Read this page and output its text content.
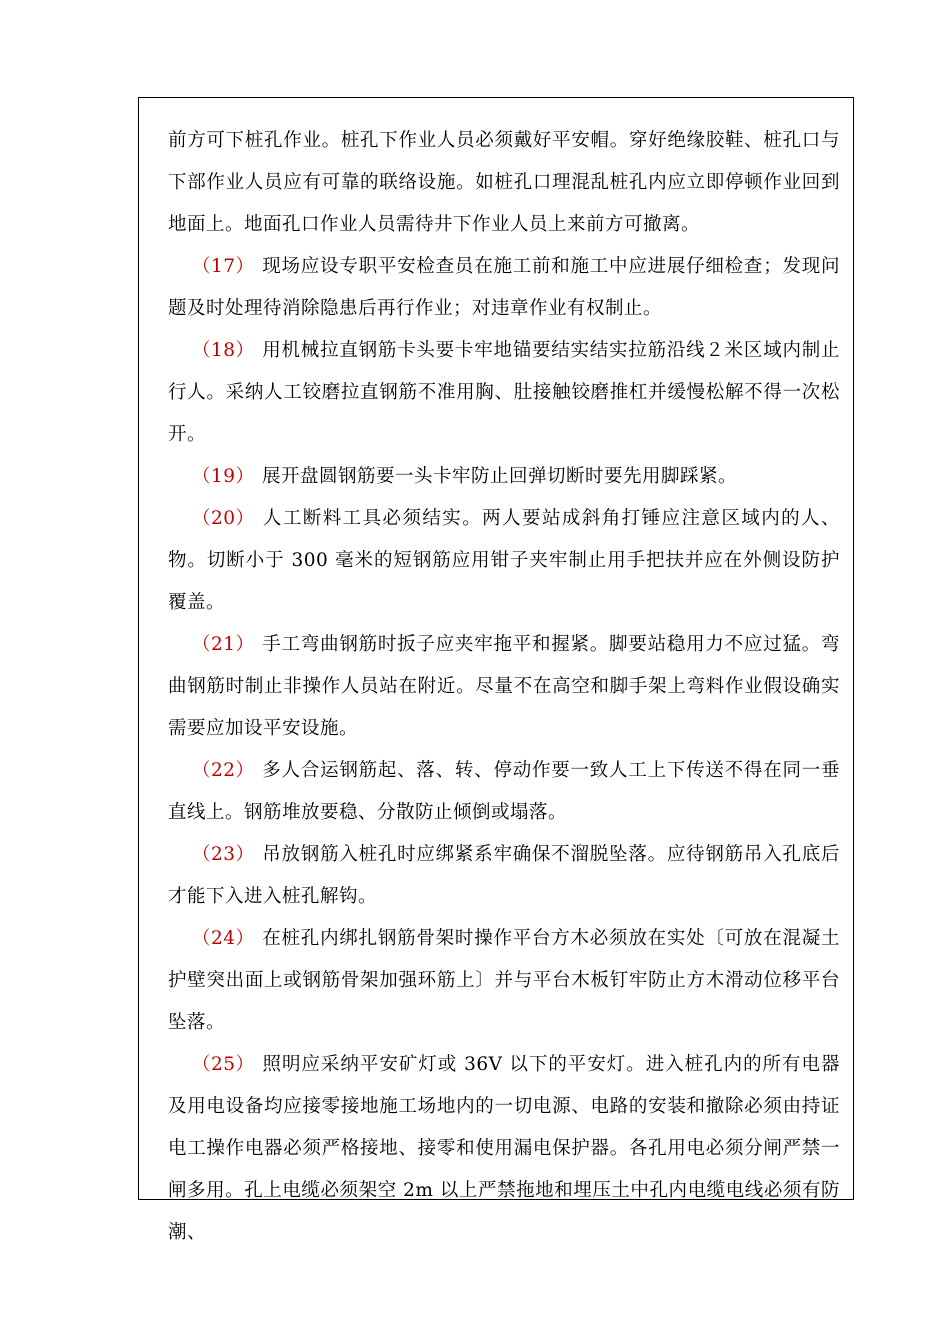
前方可下桩孔作业。桩孔下作业人员必须戴好平安帽。穿好绝缘胶鞋、桩孔口与下部作业人员应有可靠的联络设施。如桩孔口理混乱桩孔内应立即停顿作业回到地面上。地面孔口作业人员需待井下作业人员上来前方可撤离。

（17） 现场应设专职平安检查员在施工前和施工中应进展仔细检查；发现问题及时处理待消除隐患后再行作业；对违章作业有权制止。

（18） 用机械拉直钢筋卡头要卡牢地锚要结实结实拉筋沿线２米区域内制止行人。采纳人工铰磨拉直钢筋不准用胸、肚接触铰磨推杠并缓慢松解不得一次松开。

（19） 展开盘圆钢筋要一头卡牢防止回弹切断时要先用脚踩紧。

（20） 人工断料工具必须结实。两人要站成斜角打锤应注意区域内的人、物。切断小于 300 毫米的短钢筋应用钳子夹牢制止用手把扶并应在外侧设防护覆盖。

（21） 手工弯曲钢筋时扳子应夹牢拖平和握紧。脚要站稳用力不应过猛。弯曲钢筋时制止非操作人员站在附近。尽量不在高空和脚手架上弯料作业假设确实需要应加设平安设施。

（22） 多人合运钢筋起、落、转、停动作要一致人工上下传送不得在同一垂直线上。钢筋堆放要稳、分散防止倾倒或塌落。

（23） 吊放钢筋入桩孔时应绑紧系牢确保不溜脱坠落。应待钢筋吊入孔底后才能下入进入桩孔解钩。

（24） 在桩孔内绑扎钢筋骨架时操作平台方木必须放在实处〔可放在混凝土护壁突出面上或钢筋骨架加强环筋上〕并与平台木板钉牢防止方木滑动位移平台坠落。

（25） 照明应采纳平安矿灯或 36V 以下的平安灯。进入桩孔内的所有电器及用电设备均应接零接地施工场地内的一切电源、电路的安装和撤除必须由持证电工操作电器必须严格接地、接零和使用漏电保护器。各孔用电必须分闸严禁一闸多用。孔上电缆必须架空 2m 以上严禁拖地和埋压土中孔内电缆电线必须有防潮、
